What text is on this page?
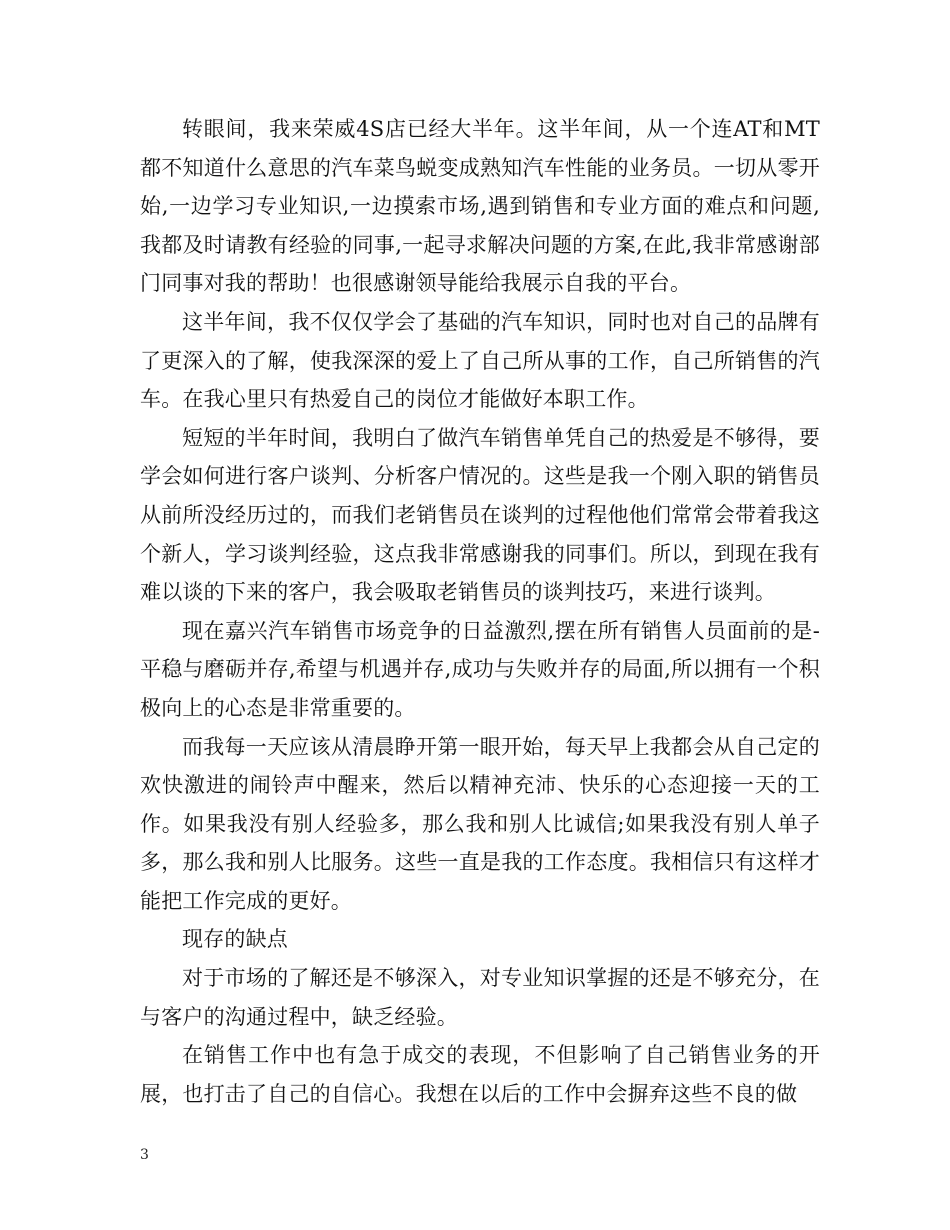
转眼间，我来荣威4S店已经大半年。这半年间，从一个连AT和MT都不知道什么意思的汽车菜鸟蜕变成熟知汽车性能的业务员。一切从零开始,一边学习专业知识,一边摸索市场,遇到销售和专业方面的难点和问题,我都及时请教有经验的同事,一起寻求解决问题的方案,在此,我非常感谢部门同事对我的帮助！也很感谢领导能给我展示自我的平台。

这半年间，我不仅仅学会了基础的汽车知识，同时也对自己的品牌有了更深入的了解，使我深深的爱上了自己所从事的工作，自己所销售的汽车。在我心里只有热爱自己的岗位才能做好本职工作。

短短的半年时间，我明白了做汽车销售单凭自己的热爱是不够得，要学会如何进行客户谈判、分析客户情况的。这些是我一个刚入职的销售员从前所没经历过的，而我们老销售员在谈判的过程他他们常常会带着我这个新人，学习谈判经验，这点我非常感谢我的同事们。所以，到现在我有难以谈的下来的客户，我会吸取老销售员的谈判技巧，来进行谈判。

现在嘉兴汽车销售市场竞争的日益激烈,摆在所有销售人员面前的是-平稳与磨砺并存,希望与机遇并存,成功与失败并存的局面,所以拥有一个积极向上的心态是非常重要的。

而我每一天应该从清晨睁开第一眼开始，每天早上我都会从自己定的欢快激进的闹铃声中醒来，然后以精神充沛、快乐的心态迎接一天的工作。如果我没有别人经验多，那么我和别人比诚信;如果我没有别人单子多，那么我和别人比服务。这些一直是我的工作态度。我相信只有这样才能把工作完成的更好。

现存的缺点

对于市场的了解还是不够深入，对专业知识掌握的还是不够充分，在与客户的沟通过程中，缺乏经验。

在销售工作中也有急于成交的表现，不但影响了自己销售业务的开展，也打击了自己的自信心。我想在以后的工作中会摒弃这些不良的做

3
